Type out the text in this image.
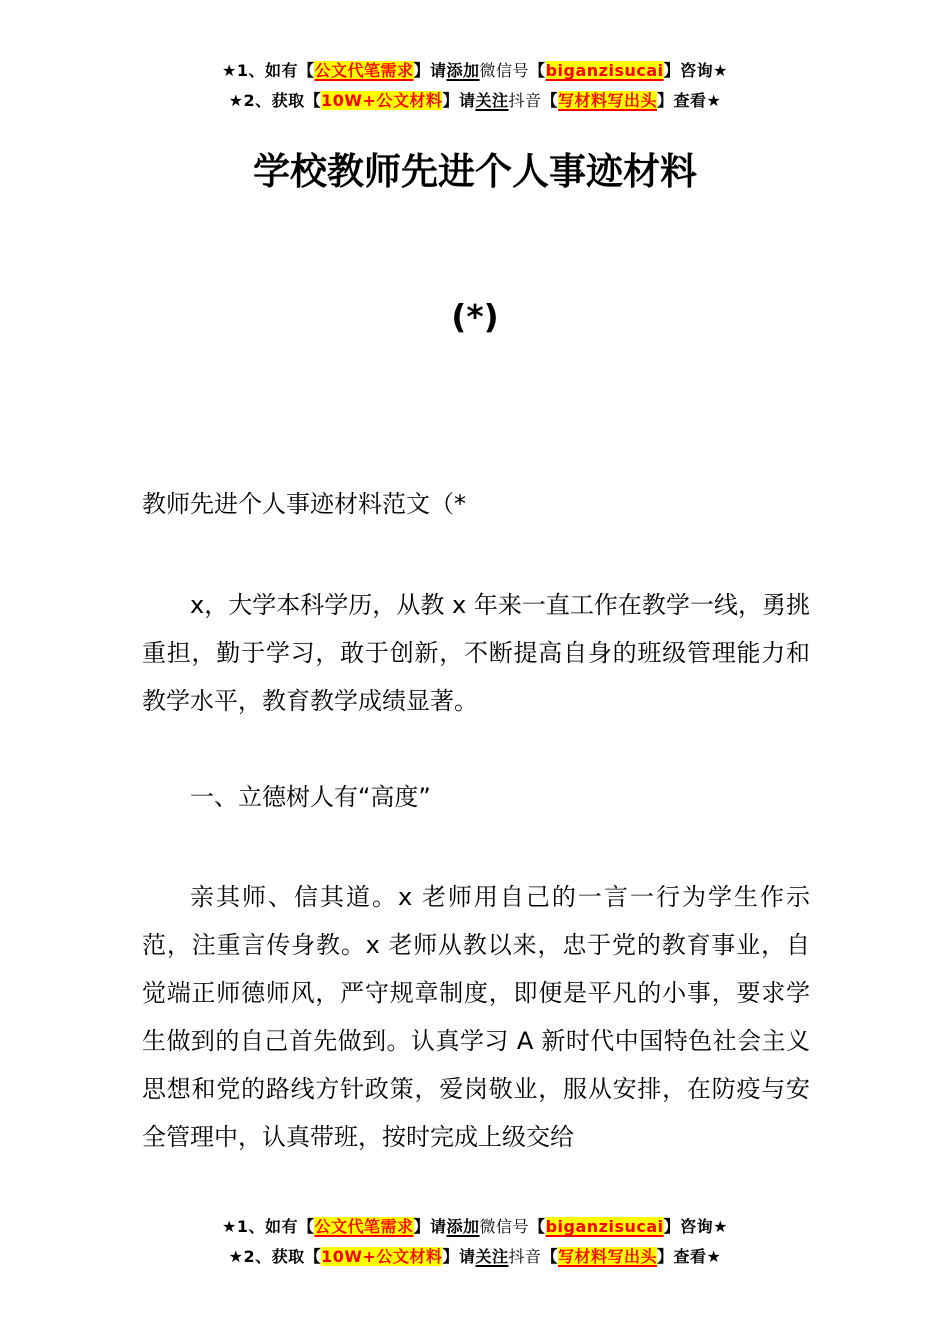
★1、如有【公文代笔需求】请添加微信号【biganzisucai】咨询★
★2、获取【10W+公文材料】请关注抖音【写材料写出头】查看★
学校教师先进个人事迹材料
(*)

教师先进个人事迹材料范文（*

x，大学本科学历，从教 x 年来一直工作在教学一线，勇挑重担，勤于学习，敢于创新，不断提高自身的班级管理能力和教学水平，教育教学成绩显著。

一、立德树人有“高度”

亲其师、信其道。x 老师用自己的一言一行为学生作示范，注重言传身教。x 老师从教以来，忠于党的教育事业，自觉端正师德师风，严守规章制度，即便是平凡的小事，要求学生做到的自己首先做到。认真学习 A 新时代中国特色社会主义思想和党的路线方针政策，爱岗敬业，服从安排，在防疫与安全管理中，认真带班，按时完成上级交给

★1、如有【公文代笔需求】请添加微信号【biganzisucai】咨询★
★2、获取【10W+公文材料】请关注抖音【写材料写出头】查看★
